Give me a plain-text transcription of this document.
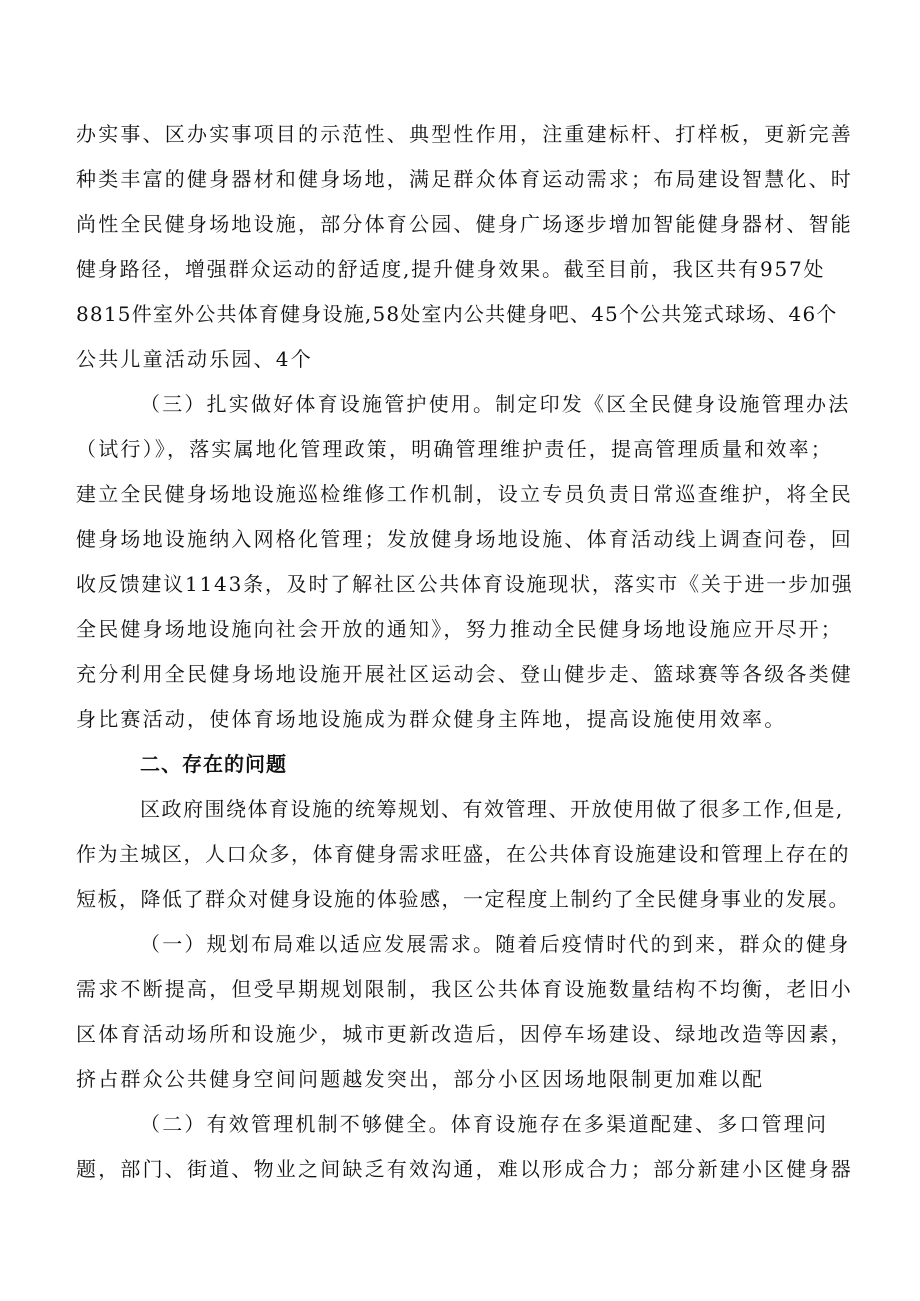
办实事、区办实事项目的示范性、典型性作用，注重建标杆、打样板，更新完善
种类丰富的健身器材和健身场地，满足群众体育运动需求；布局建设智慧化、时
尚性全民健身场地设施，部分体育公园、健身广场逐步增加智能健身器材、智能
健身路径，增强群众运动的舒适度,提升健身效果。截至目前，我区共有957处
8815件室外公共体育健身设施,58处室内公共健身吧、45个公共笼式球场、46个
公共儿童活动乐园、4个
（三）扎实做好体育设施管护使用。制定印发《区全民健身设施管理办法
（试行）》，落实属地化管理政策，明确管理维护责任，提高管理质量和效率；
建立全民健身场地设施巡检维修工作机制，设立专员负责日常巡查维护，将全民
健身场地设施纳入网格化管理；发放健身场地设施、体育活动线上调查问卷，回
收反馈建议1143条，及时了解社区公共体育设施现状，落实市《关于进一步加强
全民健身场地设施向社会开放的通知》，努力推动全民健身场地设施应开尽开；
充分利用全民健身场地设施开展社区运动会、登山健步走、篮球赛等各级各类健
身比赛活动，使体育场地设施成为群众健身主阵地，提高设施使用效率。
二、存在的问题
区政府围绕体育设施的统筹规划、有效管理、开放使用做了很多工作,但是,
作为主城区，人口众多，体育健身需求旺盛，在公共体育设施建设和管理上存在的
短板，降低了群众对健身设施的体验感，一定程度上制约了全民健身事业的发展。
（一）规划布局难以适应发展需求。随着后疫情时代的到来，群众的健身
需求不断提高，但受早期规划限制，我区公共体育设施数量结构不均衡，老旧小
区体育活动场所和设施少，城市更新改造后，因停车场建设、绿地改造等因素，
挤占群众公共健身空间问题越发突出，部分小区因场地限制更加难以配
（二）有效管理机制不够健全。体育设施存在多渠道配建、多口管理问
题，部门、街道、物业之间缺乏有效沟通，难以形成合力；部分新建小区健身器
